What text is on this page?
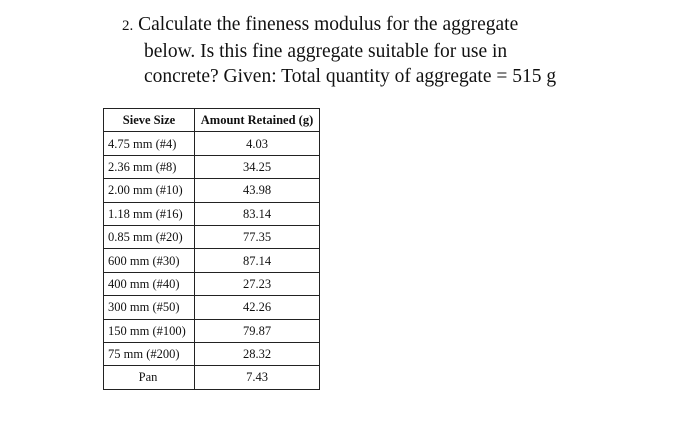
2. Calculate the fineness modulus for the aggregate
below. Is this fine aggregate suitable for use in
concrete? Given: Total quantity of aggregate = 515 g
Sieve Size	Amount Retained (g)
4.75 mm (#4)	4.03
2.36 mm (#8)	34.25
2.00 mm (#10)	43.98
1.18 mm (#16)	83.14
0.85 mm (#20)	77.35
600 mm (#30)	87.14
400 mm (#40)	27.23
300 mm (#50)	42.26
150 mm (#100)	79.87
75 mm (#200)	28.32
Pan	7.43
